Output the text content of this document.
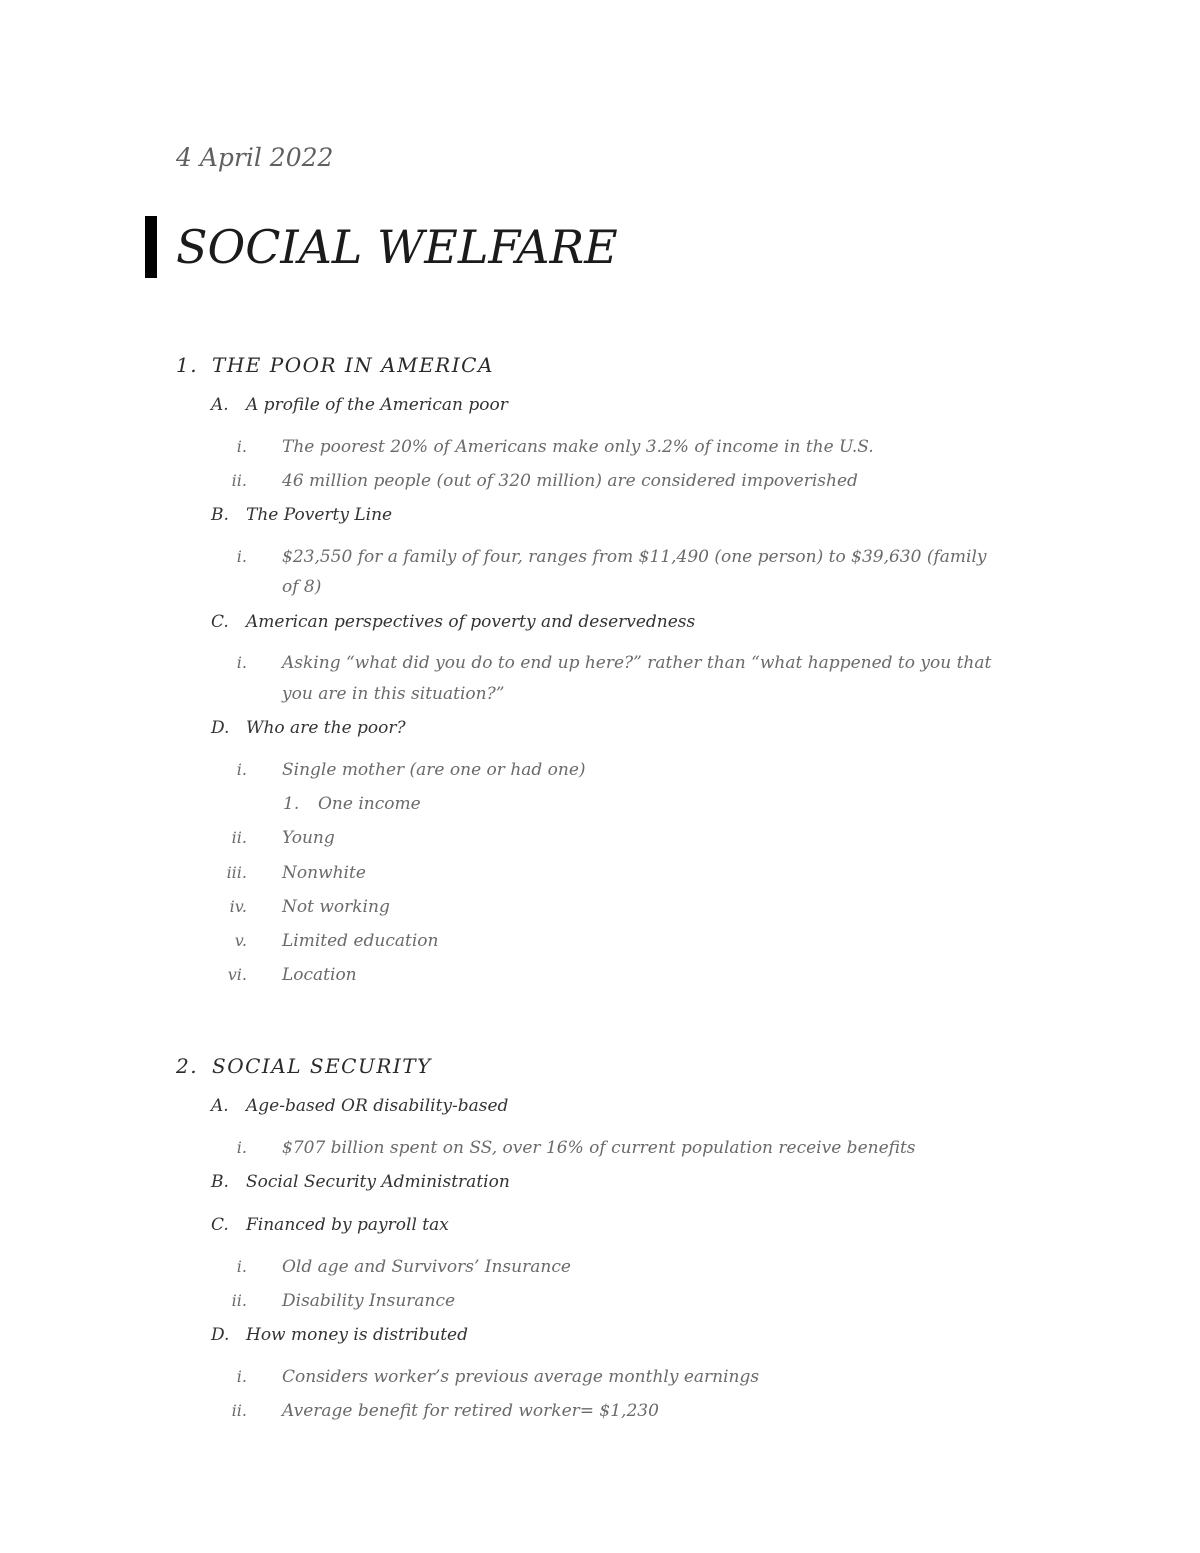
4 April 2022
SOCIAL WELFARE
1. THE POOR IN AMERICA
A. A profile of the American poor
i. The poorest 20% of Americans make only 3.2% of income in the U.S.
ii. 46 million people (out of 320 million) are considered impoverished
B. The Poverty Line
i. $23,550 for a family of four, ranges from $11,490 (one person) to $39,630 (family
of 8)
C. American perspectives of poverty and deservedness
i. Asking “what did you do to end up here?” rather than “what happened to you that
you are in this situation?”
D. Who are the poor?
i. Single mother (are one or had one)
1. One income
ii. Young
iii. Nonwhite
iv. Not working
v. Limited education
vi. Location
2. SOCIAL SECURITY
A. Age-based OR disability-based
i. $707 billion spent on SS, over 16% of current population receive benefits
B. Social Security Administration
C. Financed by payroll tax
i. Old age and Survivors’ Insurance
ii. Disability Insurance
D. How money is distributed
i. Considers worker’s previous average monthly earnings
ii. Average benefit for retired worker= $1,230
